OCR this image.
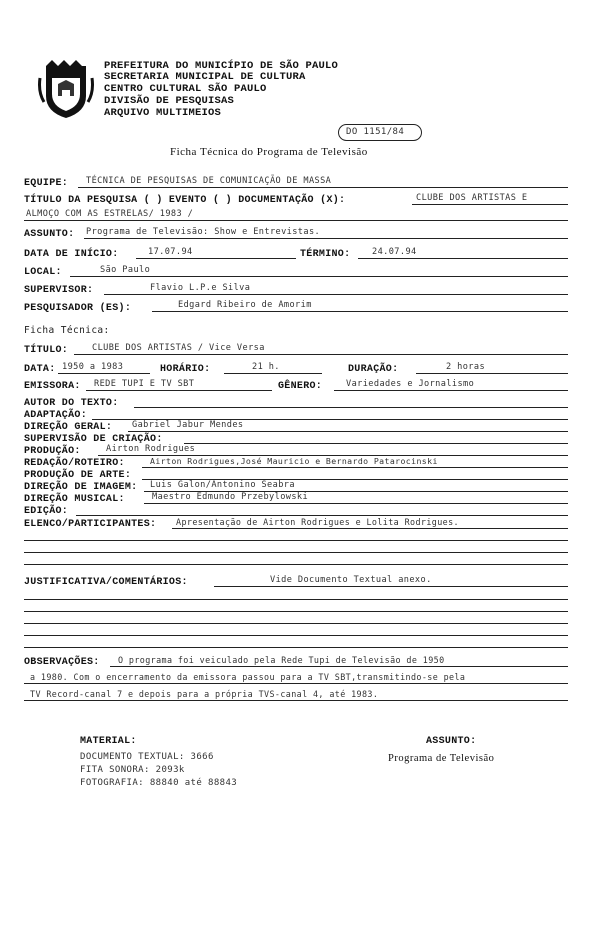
PREFEITURA DO MUNICÍPIO DE SÃO PAULO
SECRETARIA MUNICIPAL DE CULTURA
CENTRO CULTURAL SÃO PAULO
DIVISÃO DE PESQUISAS
ARQUIVO MULTIMEIOS
DO 1151/84
Ficha Técnica do Programa de Televisão
EQUIPE: TÉCNICA DE PESQUISAS DE COMUNICAÇÃO DE MASSA
TÍTULO DA PESQUISA ( ) EVENTO ( ) DOCUMENTAÇÃO (X):	CLUBE DOS ARTISTAS E
ALMOÇO COM AS ESTRELAS/ 1983 /
ASSUNTO: Programa de Televisão: Show e Entrevistas.
DATA DE INÍCIO:	17.07.94	TÉRMINO:	24.07.94
LOCAL:	São Paulo
SUPERVISOR:	Flavio L.P.e Silva
PESQUISADOR (ES):	Edgard Ribeiro de Amorim
Ficha Técnica:
TÍTULO:	CLUBE DOS ARTISTAS / Vice Versa
DATA: 1950 a 1983	HORÁRIO:	21 h.	DURAÇÃO:	2 horas
EMISSORA: REDE TUPI E TV SBT	GÊNERO:	Variedades e Jornalismo
AUTOR DO TEXTO:
ADAPTAÇÃO:
DIREÇÃO GERAL: Gabriel Jabur Mendes
SUPERVISÃO DE CRIAÇÃO:
PRODUÇÃO:	Airton Rodrigues
REDAÇÃO/ROTEIRO:	Airton Rodrigues,José Mauricio e Bernardo Patarocinski
PRODUÇÃO DE ARTE:
DIREÇÃO DE IMAGEM: Luis Galon/Antonino Seabra
DIREÇÃO MUSICAL:	Maestro Edmundo Przebylowski
EDIÇÃO:
ELENCO/PARTICIPANTES: Apresentação de Airton Rodrigues e Lolita Rodrigues.
JUSTIFICATIVA/COMENTÁRIOS:	Vide Documento Textual anexo.
OBSERVAÇÕES: O programa foi veiculado pela Rede Tupi de Televisão de 1950
a 1980. Com o encerramento da emissora passou para a TV SBT,transmitindo-se pela
TV Record-canal 7 e depois para a própria TVS-canal 4, até 1983.
MATERIAL:
DOCUMENTO TEXTUAL: 3666
FITA SONORA: 2093k
FOTOGRAFIA: 88840 até 88843
ASSUNTO:
Programa de Televisão
